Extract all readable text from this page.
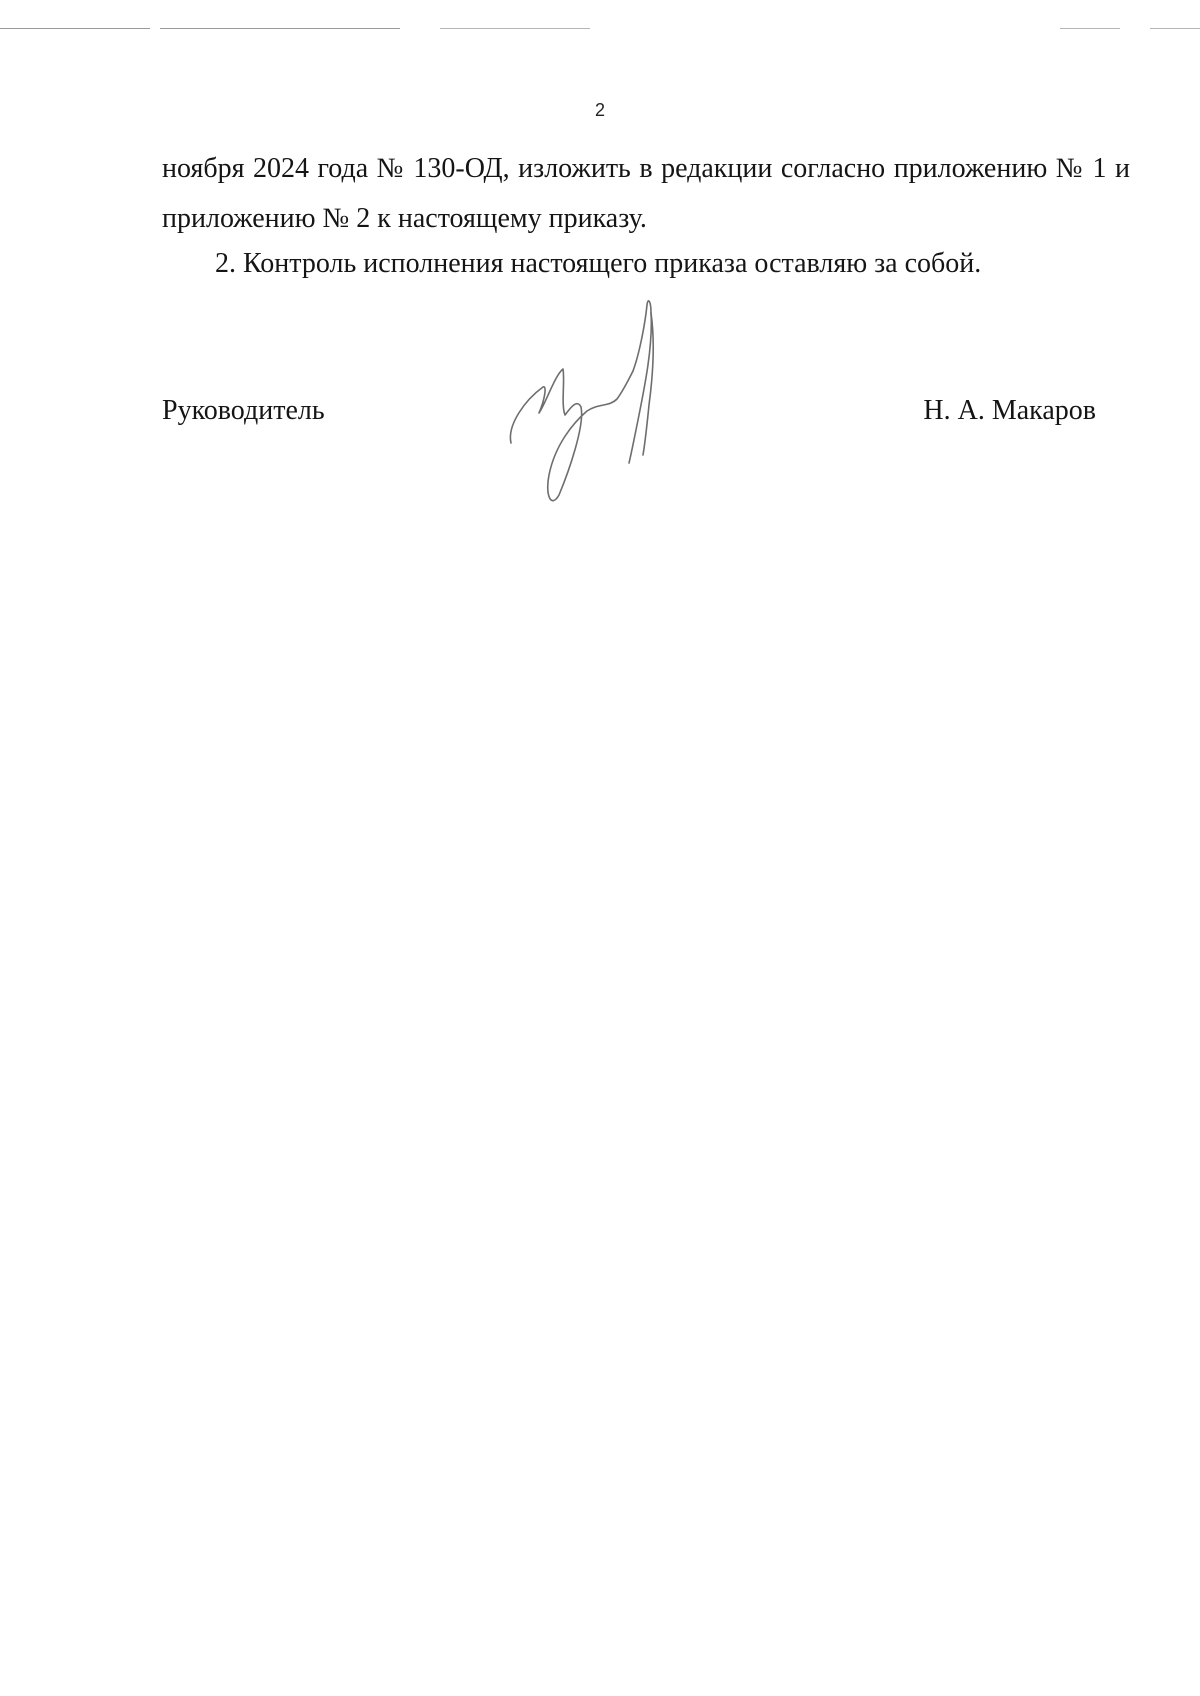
2
ноября 2024 года № 130-ОД, изложить в редакции согласно приложению № 1 и
приложению № 2 к настоящему приказу.
2. Контроль исполнения настоящего приказа оставляю за собой.
Руководитель	Н. А. Макаров
